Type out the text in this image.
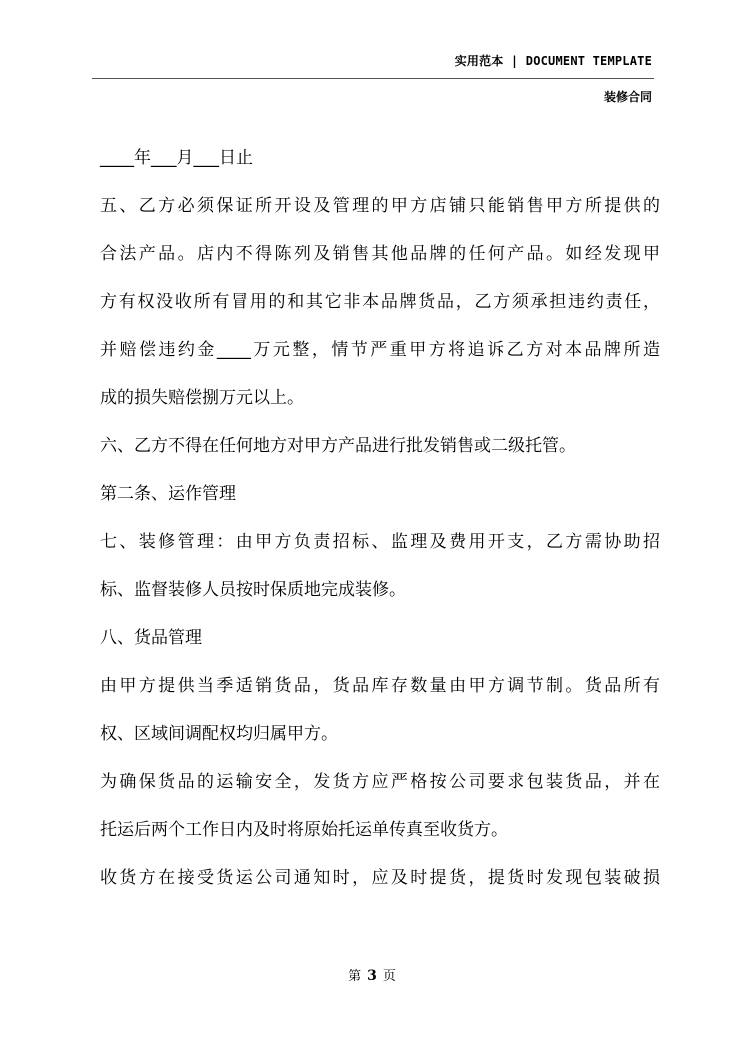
实用范本 | DOCUMENT TEMPLATE
装修合同

____年___月___日止

五、乙方必须保证所开设及管理的甲方店铺只能销售甲方所提供的

合法产品。店内不得陈列及销售其他品牌的任何产品。如经发现甲

方有权没收所有冒用的和其它非本品牌货品，乙方须承担违约责任，

并赔偿违约金____万元整，情节严重甲方将追诉乙方对本品牌所造

成的损失赔偿捌万元以上。

六、乙方不得在任何地方对甲方产品进行批发销售或二级托管。

第二条、运作管理

七、装修管理：由甲方负责招标、监理及费用开支，乙方需协助招

标、监督装修人员按时保质地完成装修。

八、货品管理

由甲方提供当季适销货品，货品库存数量由甲方调节制。货品所有

权、区域间调配权均归属甲方。

为确保货品的运输安全，发货方应严格按公司要求包装货品，并在

托运后两个工作日内及时将原始托运单传真至收货方。

收货方在接受货运公司通知时，应及时提货，提货时发现包装破损

第 3 页
